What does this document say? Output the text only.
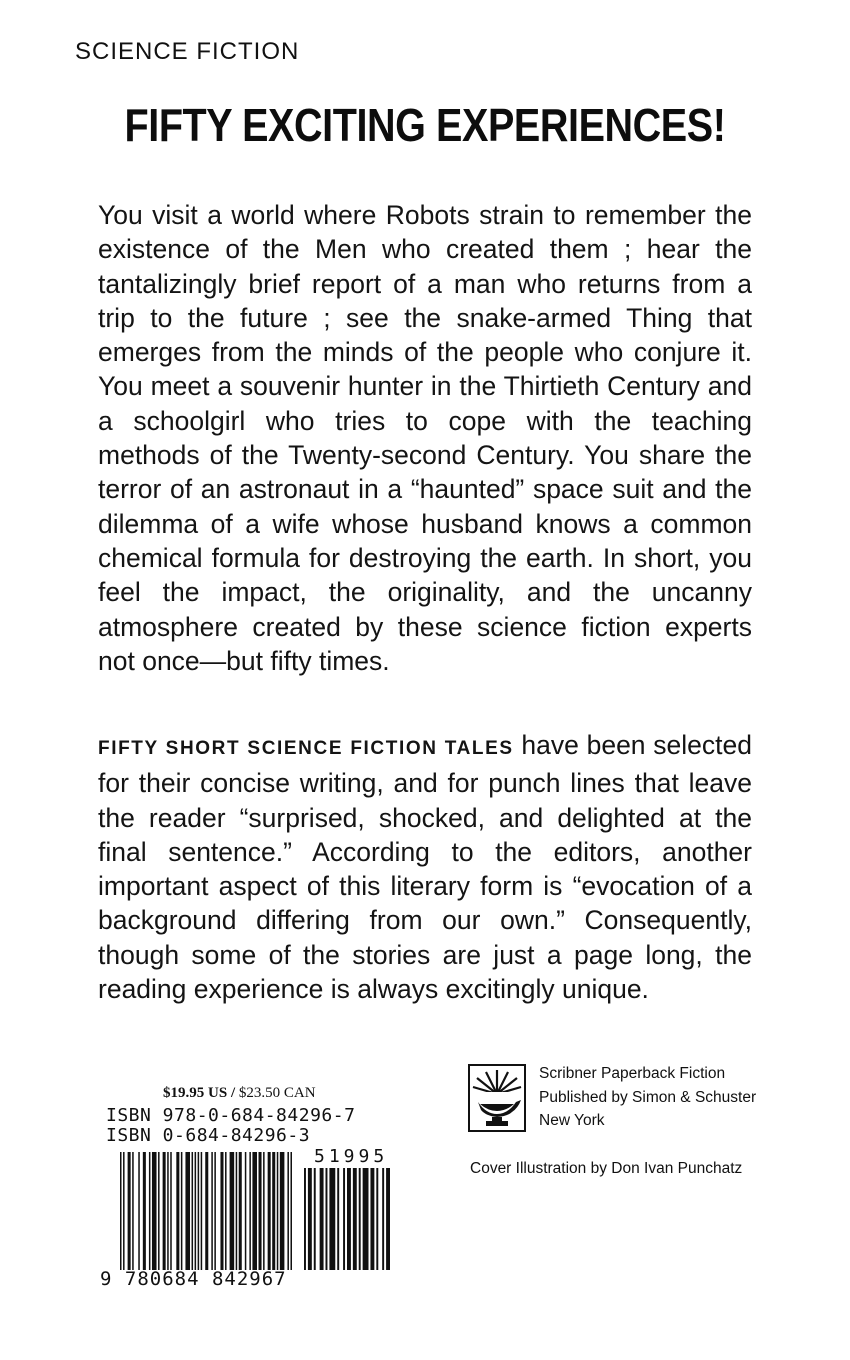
SCIENCE FICTION
FIFTY EXCITING EXPERIENCES!

You visit a world where Robots strain to remember the existence of the Men who created them ; hear the tantalizingly brief report of a man who returns from a trip to the future ; see the snake-armed Thing that emerges from the minds of the people who conjure it. You meet a souvenir hunter in the Thirtieth Century and a schoolgirl who tries to cope with the teaching methods of the Twenty-second Century. You share the terror of an astronaut in a “haunted” space suit and the dilemma of a wife whose husband knows a common chemical formula for destroying the earth. In short, you feel the impact, the originality, and the uncanny atmosphere created by these science fiction experts not once—but fifty times.

FIFTY SHORT SCIENCE FICTION TALES have been selected for their concise writing, and for punch lines that leave the reader “surprised, shocked, and delighted at the final sentence.” According to the editors, another important aspect of this literary form is “evocation of a background differing from our own.” Consequently, though some of the stories are just a page long, the reading experience is always excitingly unique.

$19.95 US / $23.50 CAN
ISBN 978-0-684-84296-7
ISBN 0-684-84296-3
51995
9 780684 842967
Scribner Paperback Fiction
Published by Simon & Schuster
New York
Cover Illustration by Don Ivan Punchatz
